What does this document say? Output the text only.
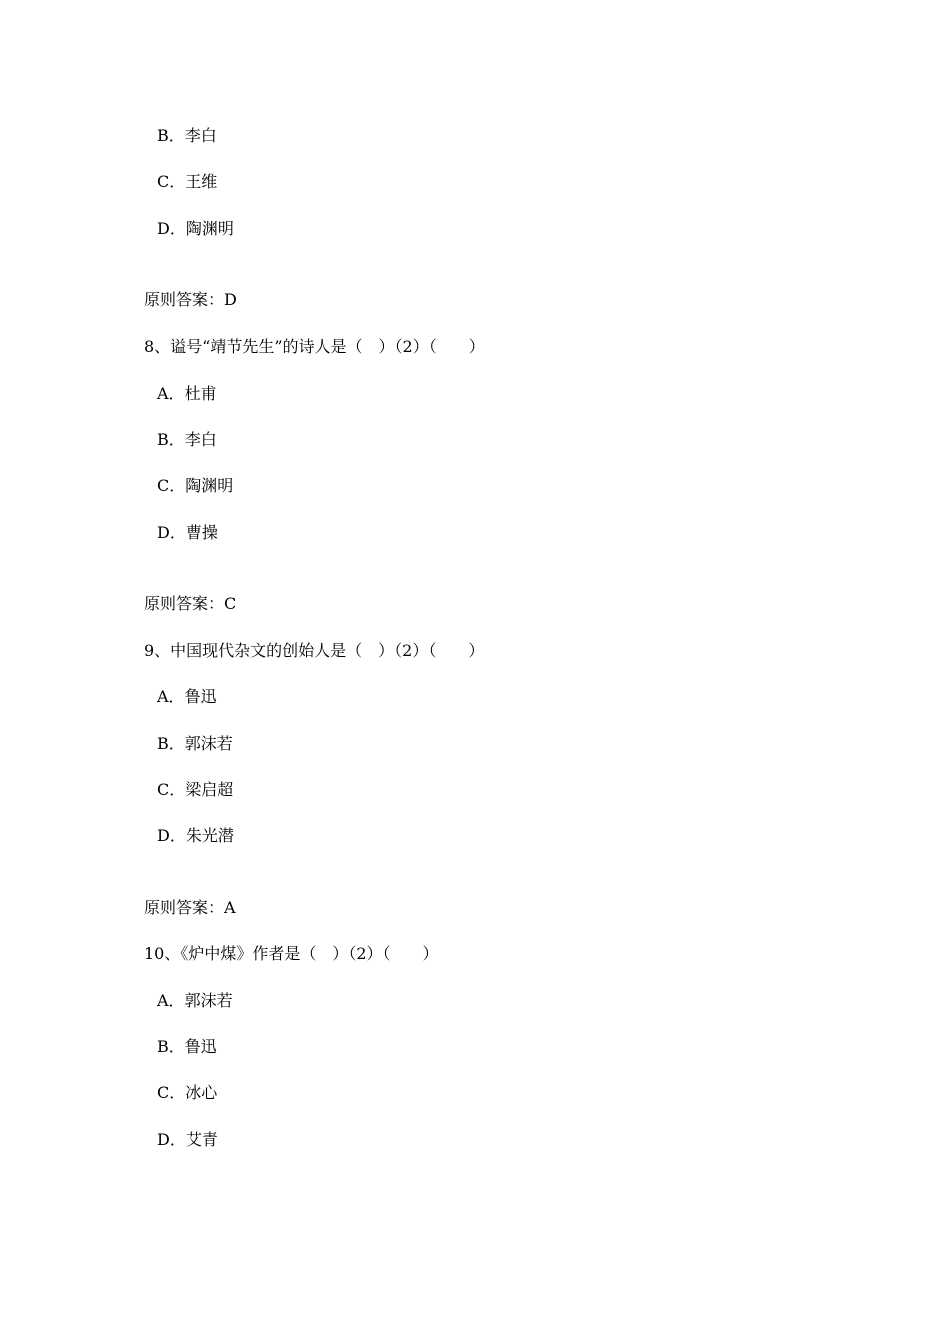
B．李白
C．王维
D．陶渊明
原则答案：D
8、谥号“靖节先生”的诗人是（　）（2）（　　）
A．杜甫
B．李白
C．陶渊明
D．曹操
原则答案：C
9、中国现代杂文的创始人是（　）（2）（　　）
A．鲁迅
B．郭沫若
C．梁启超
D．朱光潜
原则答案：A
10、《炉中煤》作者是（　）（2）（　　）
A．郭沫若
B．鲁迅
C．冰心
D．艾青
